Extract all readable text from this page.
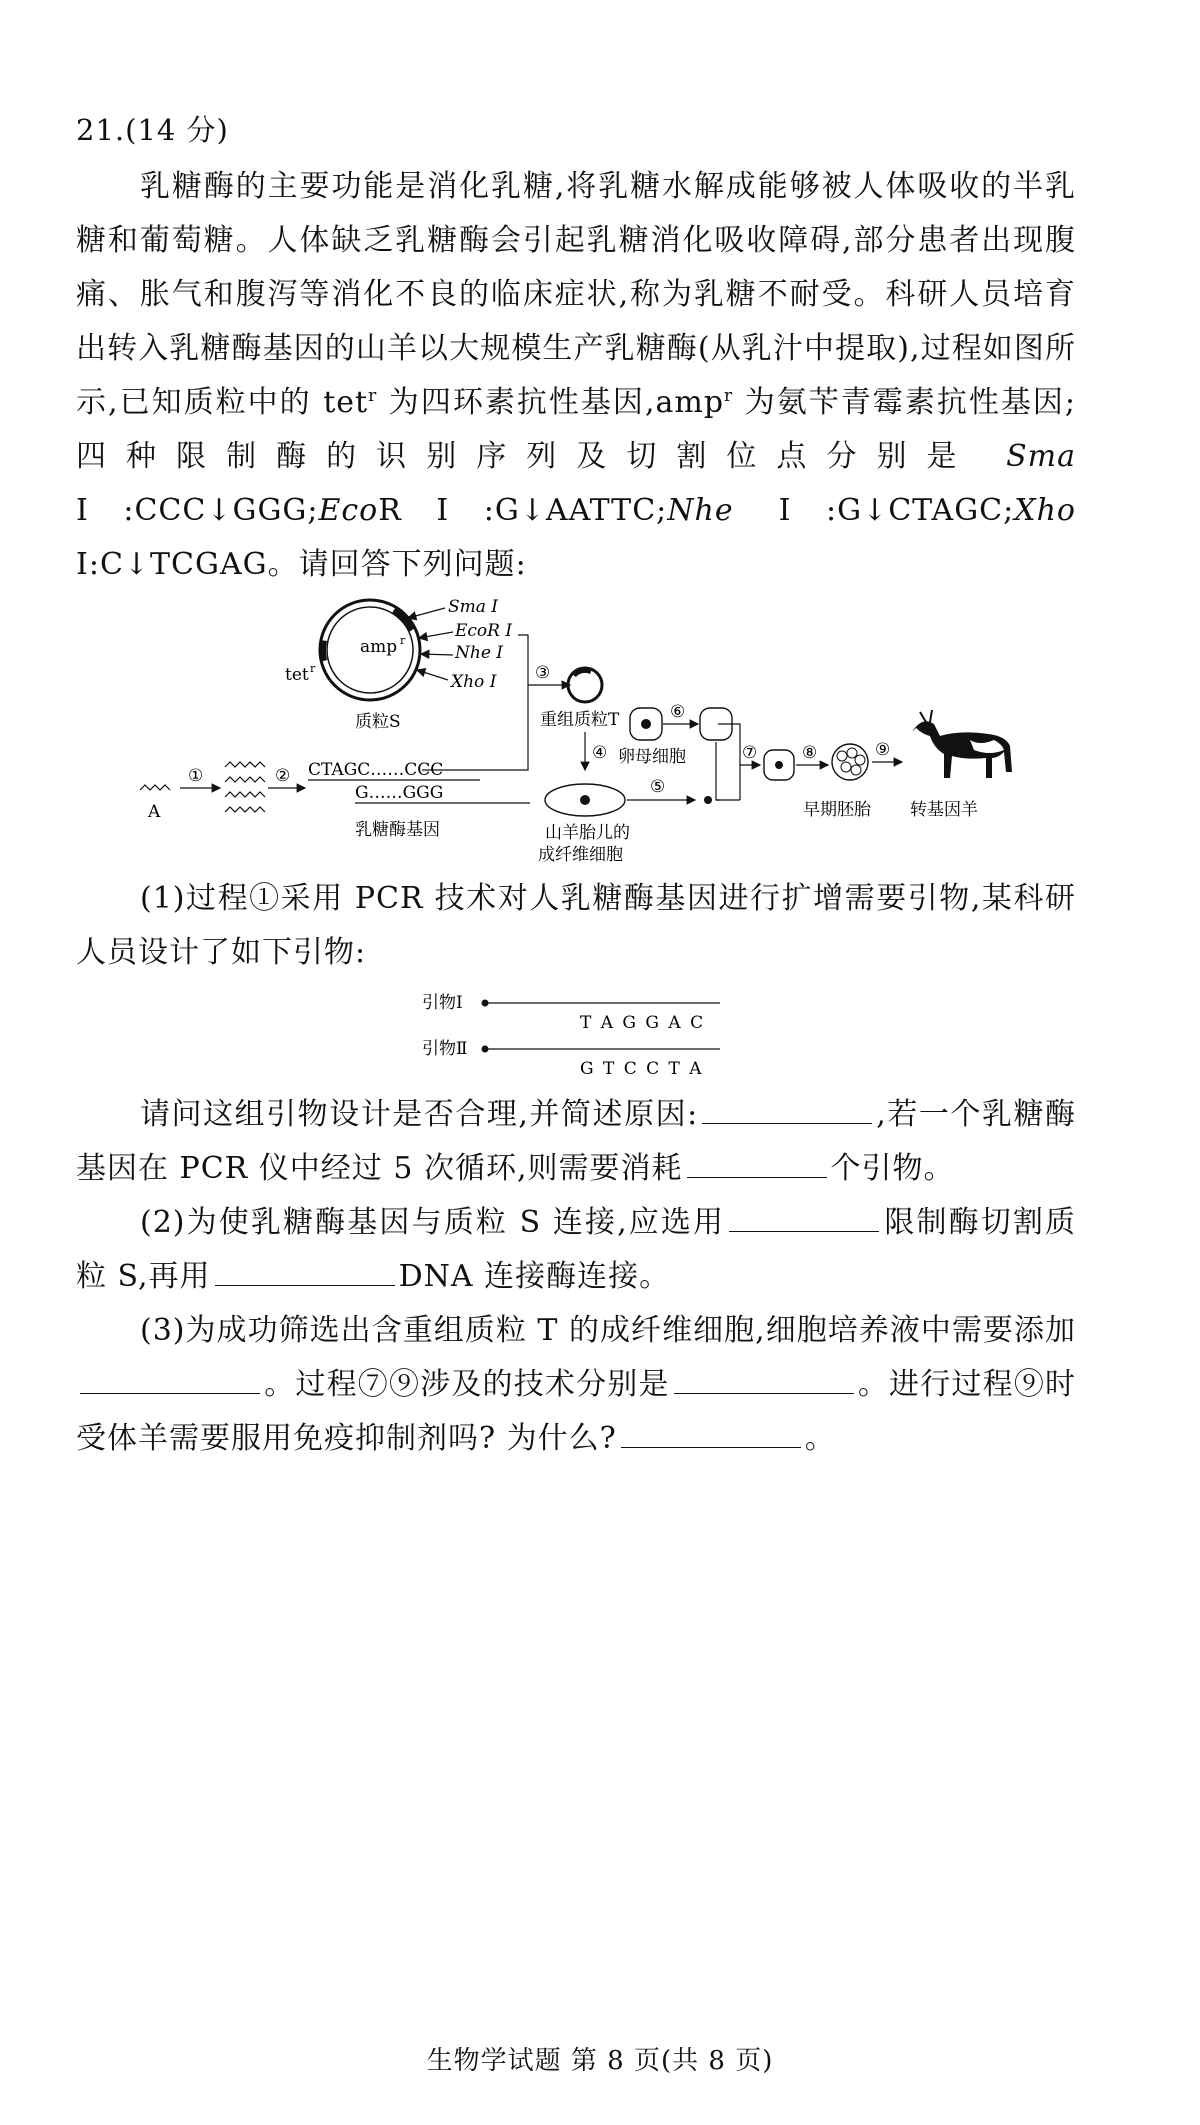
21.(14 分)
乳糖酶的主要功能是消化乳糖,将乳糖水解成能够被人体吸收的半乳糖和葡萄糖。人体缺乏乳糖酶会引起乳糖消化吸收障碍,部分患者出现腹痛、胀气和腹泻等消化不良的临床症状,称为乳糖不耐受。科研人员培育出转入乳糖酶基因的山羊以大规模生产乳糖酶(从乳汁中提取),过程如图所示,已知质粒中的 tet$^r$ 为四环素抗性基因,amp$^r$ 为氨苄青霉素抗性基因;四种限制酶的识别序列及切割位点分别是 Sma Ⅰ:CCC↓GGG;EcoRⅠ:G↓AATTC;Nhe Ⅰ:G↓CTAGC;Xho Ⅰ:C↓TCGAG。请回答下列问题:
amp r
tet r
质粒S
Sma Ⅰ
EcoR Ⅰ
Nhe Ⅰ
Xho Ⅰ ③
重组质粒T
④
A
①	② CTAGC……CCC
G……GGG
乳糖酶基因	山羊胎儿的
成纤维细胞
⑤
⑥
卵母细胞	⑦	⑧
早期胚胎
⑨
转基因羊
(1)过程①采用 PCR 技术对人乳糖酶基因进行扩增需要引物,某科研人员设计了如下引物:
引物Ⅰ
T A G G A C
引物Ⅱ
G T C C T A
请问这组引物设计是否合理,并简述原因:	,若一个乳糖酶基因在 PCR 仪中经过 5 次循环,则需要消耗	个引物。
(2)为使乳糖酶基因与质粒 S 连接,应选用	限制酶切割质粒 S,再用	DNA 连接酶连接。
(3)为成功筛选出含重组质粒 T 的成纤维细胞,细胞培养液中需要添加。过程⑦⑨涉及的技术分别是	。进行过程⑨时受体羊需要服用免疫抑制剂吗? 为什么?	。
生物学试题 第 8 页(共 8 页)
